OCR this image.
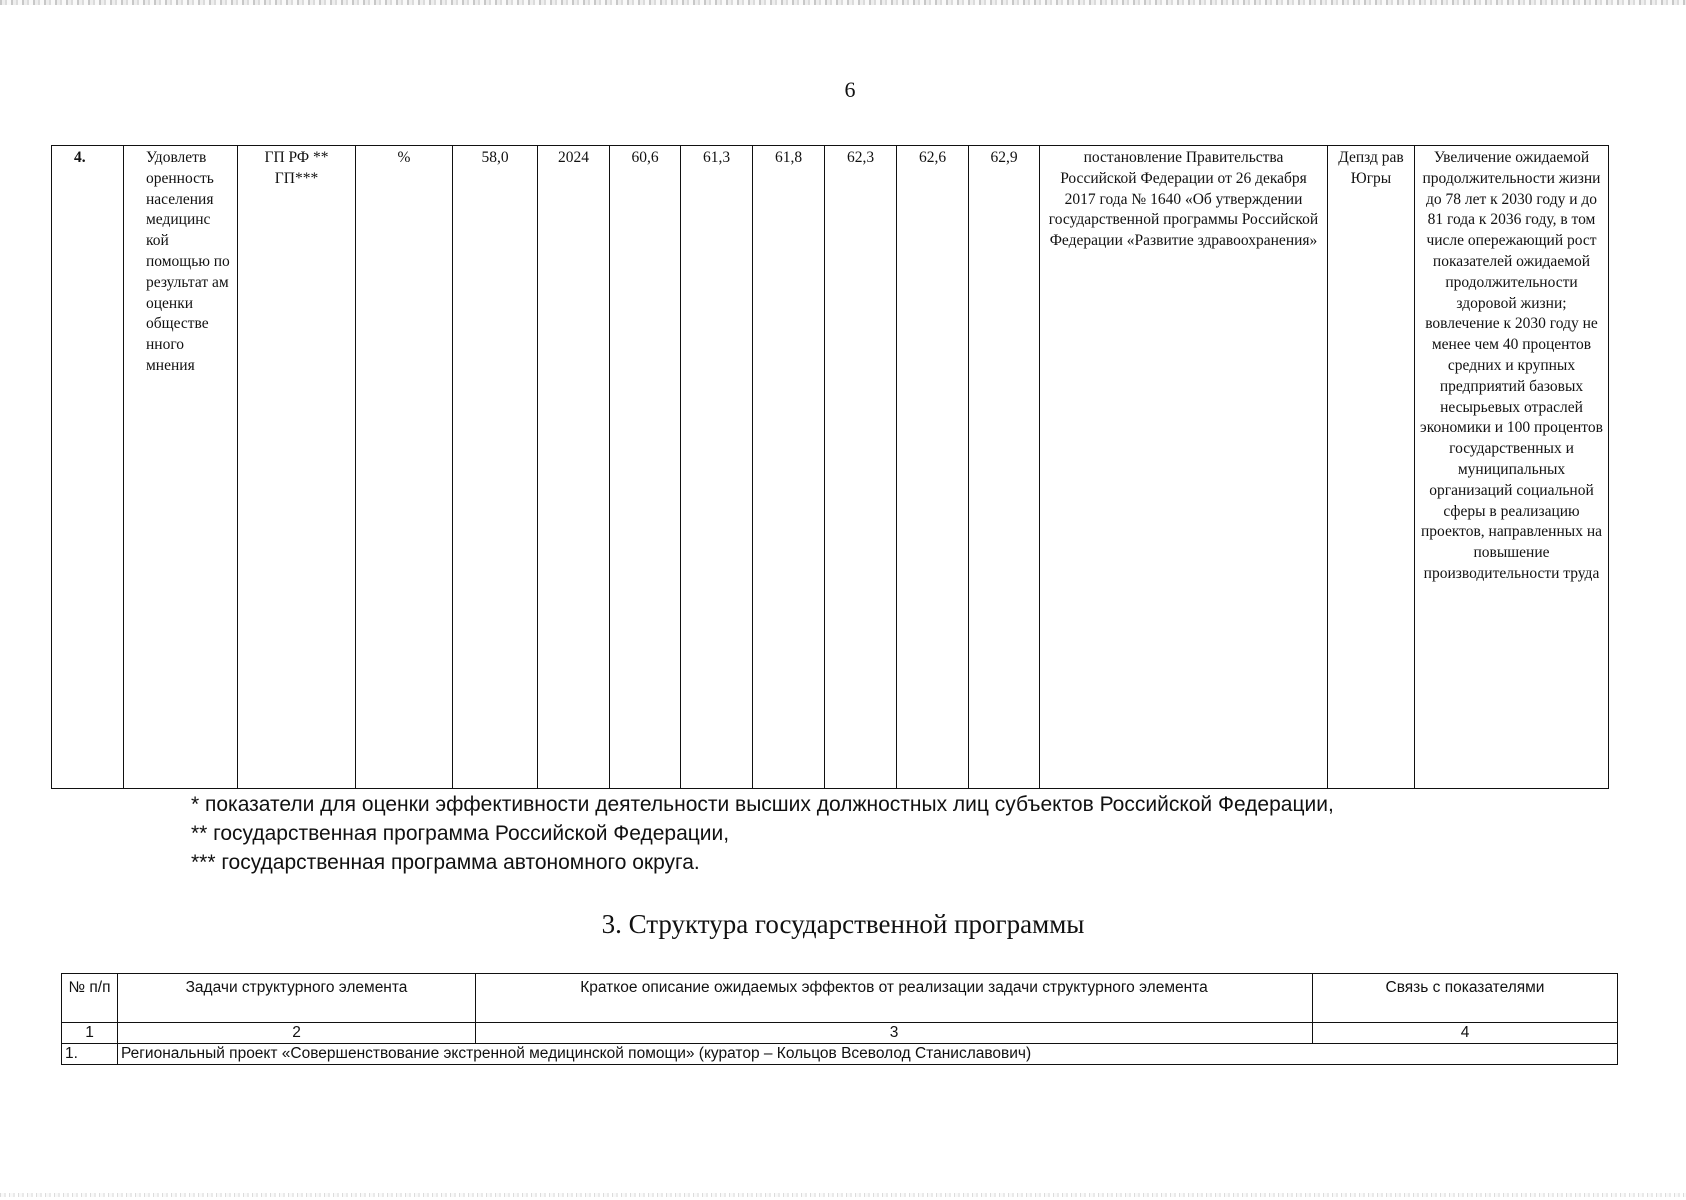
6
4.	Удовлетв оренность населения медицинс кой помощью по результат ам оценки обществе нного мнения	ГП РФ ** ГП***	%	58,0	2024	60,6	61,3	61,8	62,3	62,6	62,9	постановление Правительства Российской Федерации от 26 декабря 2017 года № 1640 «Об утверждении государственной программы Российской Федерации «Развитие здравоохранения»	Депзд рав Югры	Увеличение ожидаемой продолжительности жизни до 78 лет к 2030 году и до 81 года к 2036 году, в том числе опережающий рост показателей ожидаемой продолжительности здоровой жизни; вовлечение к 2030 году не менее чем 40 процентов средних и крупных предприятий базовых несырьевых отраслей экономики и 100 процентов государственных и муниципальных организаций социальной сферы в реализацию проектов, направленных на повышение производительности труда
* показатели для оценки эффективности деятельности высших должностных лиц субъектов Российской Федерации,
** государственная программа Российской Федерации,
*** государственная программа автономного округа.
3. Структура государственной программы
№ п/п	Задачи структурного элемента	Краткое описание ожидаемых эффектов от реализации задачи структурного элемента	Связь с показателями
1	2	3	4
1.	Региональный проект «Совершенствование экстренной медицинской помощи» (куратор – Кольцов Всеволод Станиславович)		
